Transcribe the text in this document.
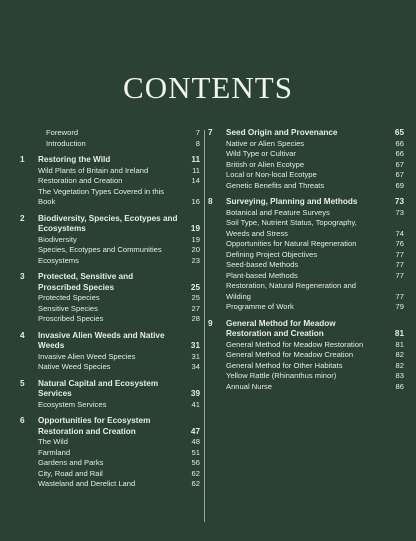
CONTENTS
Foreword	7
Introduction	8
1	Restoring the Wild	11
Wild Plants of Britain and Ireland	11
Restoration and Creation	14
The Vegetation Types Covered in this Book	16
2	Biodiversity, Species, Ecotypes and Ecosystems	19
Biodiversity	19
Species, Ecotypes and Communities	20
Ecosystems	23
3	Protected, Sensitive and Proscribed Species	25
Protected Species	25
Sensitive Species	27
Proscribed Species	28
4	Invasive Alien Weeds and Native Weeds	31
Invasive Alien Weed Species	31
Native Weed Species	34
5	Natural Capital and Ecosystem Services	39
Ecosystem Services	41
6	Opportunities for Ecosystem Restoration and Creation	47
The Wild	48
Farmland	51
Gardens and Parks	56
City, Road and Rail	62
Wasteland and Derelict Land	62
7	Seed Origin and Provenance	65
Native or Alien Species	66
Wild Type or Cultivar	66
British or Alien Ecotype	67
Local or Non-local Ecotype	67
Genetic Benefits and Threats	69
8	Surveying, Planning and Methods	73
Botanical and Feature Surveys	73
Soil Type, Nutrient Status, Topography, Weeds and Stress	74
Opportunities for Natural Regeneration	76
Defining Project Objectives	77
Seed-based Methods	77
Plant-based Methods	77
Restoration, Natural Regeneration and Wilding	77
Programme of Work	79
9	General Method for Meadow Restoration and Creation	81
General Method for Meadow Restoration	81
General Method for Meadow Creation	82
General Method for Other Habitats	82
Yellow Rattle (Rhinanthus minor)	83
Annual Nurse	86
